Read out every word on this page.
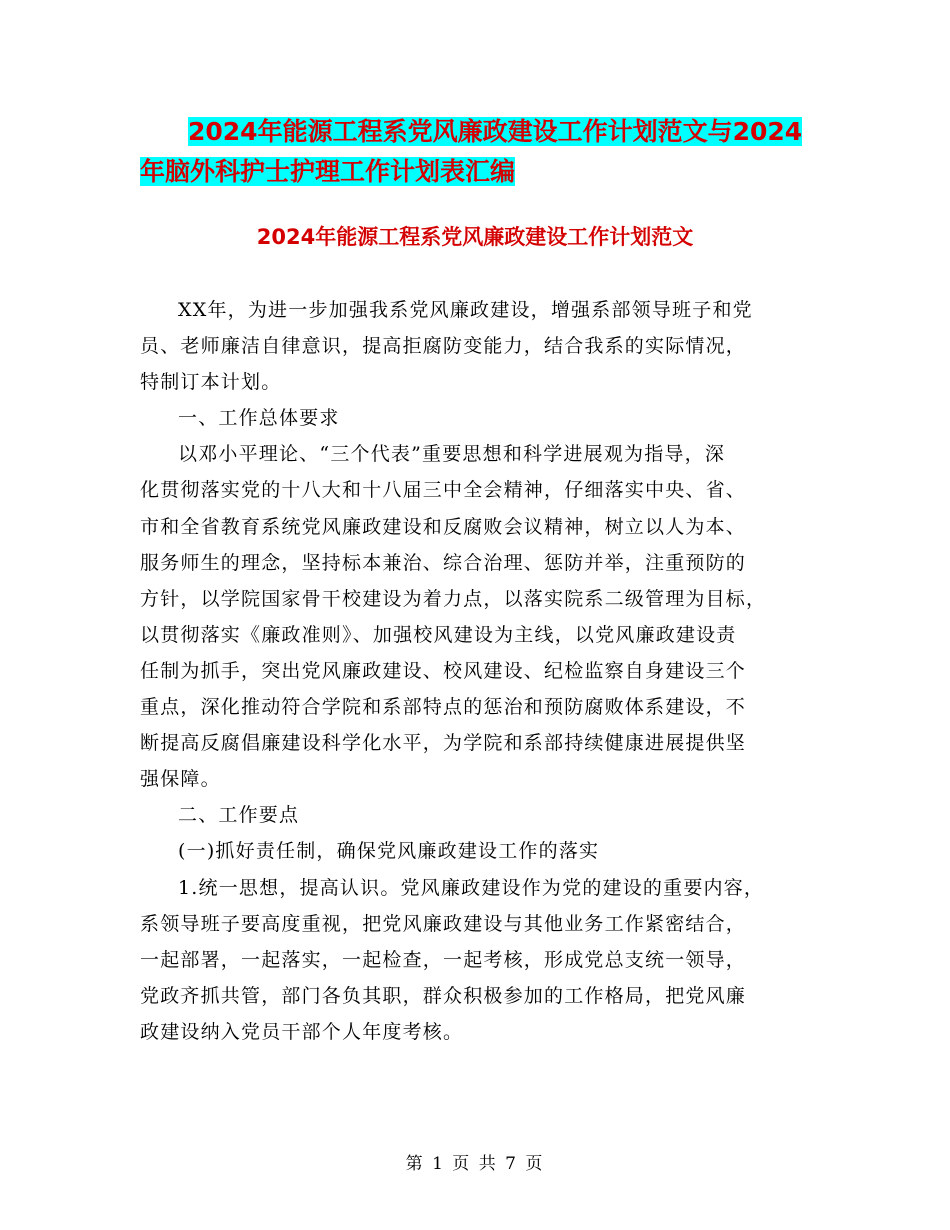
2024年能源工程系党风廉政建设工作计划范文与2024
年脑外科护士护理工作计划表汇编
2024年能源工程系党风廉政建设工作计划范文
XX年，为进一步加强我系党风廉政建设，增强系部领导班子和党
员、老师廉洁自律意识，提高拒腐防变能力，结合我系的实际情况，
特制订本计划。
一、工作总体要求
以邓小平理论、“三个代表”重要思想和科学进展观为指导，深
化贯彻落实党的十八大和十八届三中全会精神，仔细落实中央、省、
市和全省教育系统党风廉政建设和反腐败会议精神，树立以人为本、
服务师生的理念，坚持标本兼治、综合治理、惩防并举，注重预防的
方针，以学院国家骨干校建设为着力点，以落实院系二级管理为目标，
以贯彻落实《廉政准则》、加强校风建设为主线，以党风廉政建设责
任制为抓手，突出党风廉政建设、校风建设、纪检监察自身建设三个
重点，深化推动符合学院和系部特点的惩治和预防腐败体系建设，不
断提高反腐倡廉建设科学化水平，为学院和系部持续健康进展提供坚
强保障。
二、工作要点
(一)抓好责任制，确保党风廉政建设工作的落实
1.统一思想，提高认识。党风廉政建设作为党的建设的重要内容，
系领导班子要高度重视，把党风廉政建设与其他业务工作紧密结合，
一起部署，一起落实，一起检查，一起考核，形成党总支统一领导，
党政齐抓共管，部门各负其职，群众积极参加的工作格局，把党风廉
政建设纳入党员干部个人年度考核。
第 1 页 共 7 页
